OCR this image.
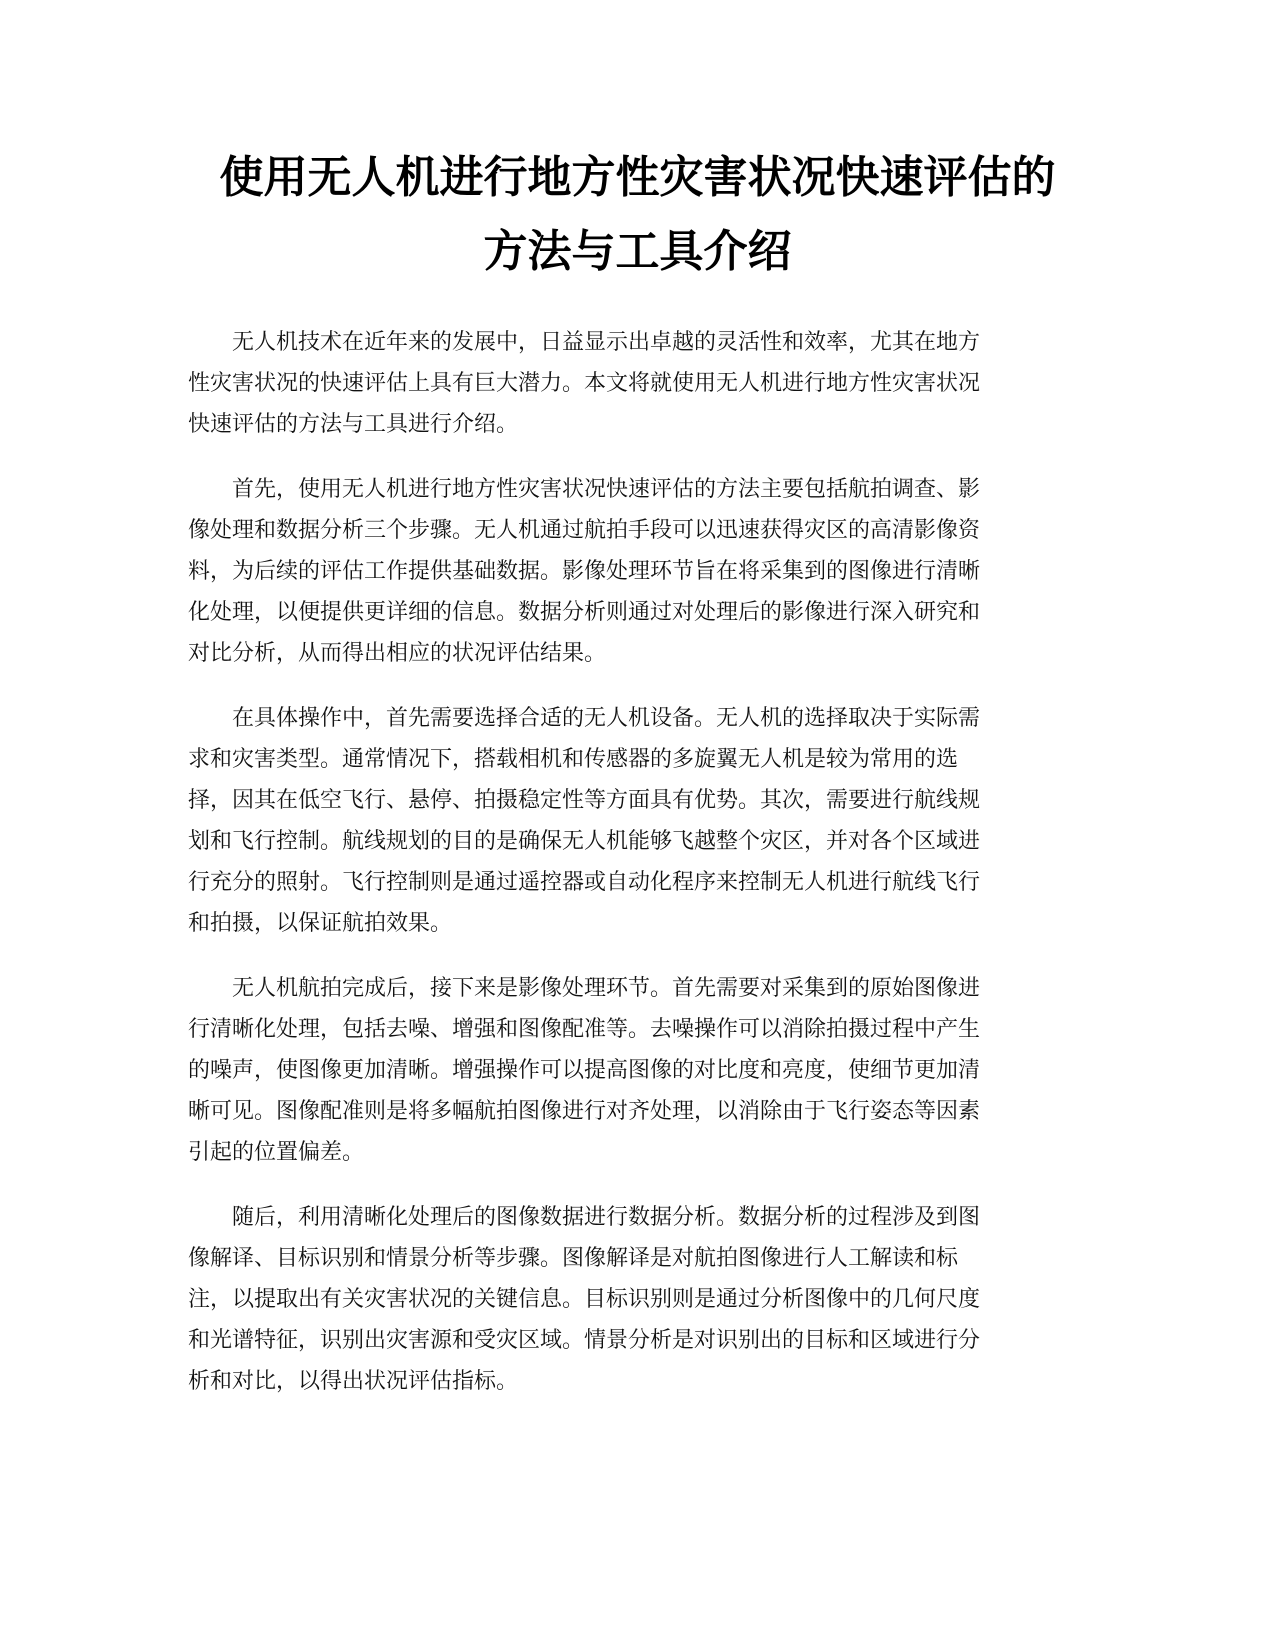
使用无人机进行地方性灾害状况快速评估的
方法与工具介绍

无人机技术在近年来的发展中，日益显示出卓越的灵活性和效率，尤其在地方
性灾害状况的快速评估上具有巨大潜力。本文将就使用无人机进行地方性灾害状况
快速评估的方法与工具进行介绍。

首先，使用无人机进行地方性灾害状况快速评估的方法主要包括航拍调查、影
像处理和数据分析三个步骤。无人机通过航拍手段可以迅速获得灾区的高清影像资
料，为后续的评估工作提供基础数据。影像处理环节旨在将采集到的图像进行清晰
化处理，以便提供更详细的信息。数据分析则通过对处理后的影像进行深入研究和
对比分析，从而得出相应的状况评估结果。

在具体操作中，首先需要选择合适的无人机设备。无人机的选择取决于实际需
求和灾害类型。通常情况下，搭载相机和传感器的多旋翼无人机是较为常用的选
择，因其在低空飞行、悬停、拍摄稳定性等方面具有优势。其次，需要进行航线规
划和飞行控制。航线规划的目的是确保无人机能够飞越整个灾区，并对各个区域进
行充分的照射。飞行控制则是通过遥控器或自动化程序来控制无人机进行航线飞行
和拍摄，以保证航拍效果。

无人机航拍完成后，接下来是影像处理环节。首先需要对采集到的原始图像进
行清晰化处理，包括去噪、增强和图像配准等。去噪操作可以消除拍摄过程中产生
的噪声，使图像更加清晰。增强操作可以提高图像的对比度和亮度，使细节更加清
晰可见。图像配准则是将多幅航拍图像进行对齐处理，以消除由于飞行姿态等因素
引起的位置偏差。

随后，利用清晰化处理后的图像数据进行数据分析。数据分析的过程涉及到图
像解译、目标识别和情景分析等步骤。图像解译是对航拍图像进行人工解读和标
注，以提取出有关灾害状况的关键信息。目标识别则是通过分析图像中的几何尺度
和光谱特征，识别出灾害源和受灾区域。情景分析是对识别出的目标和区域进行分
析和对比，以得出状况评估指标。
